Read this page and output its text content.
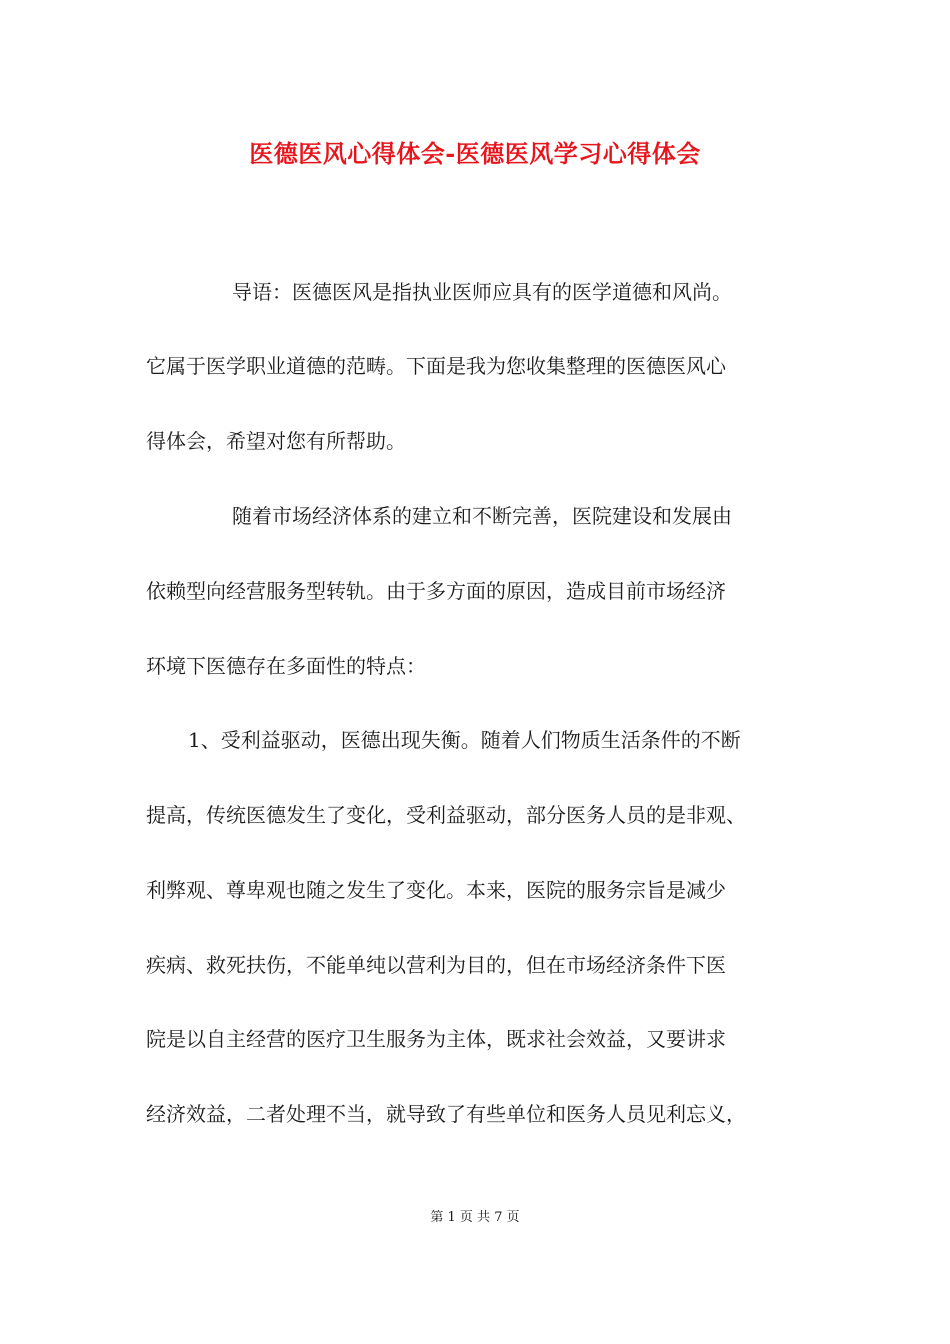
医德医风心得体会-医德医风学习心得体会
导语：医德医风是指执业医师应具有的医学道德和风尚。
它属于医学职业道德的范畴。下面是我为您收集整理的医德医风心
得体会，希望对您有所帮助。
随着市场经济体系的建立和不断完善，医院建设和发展由
依赖型向经营服务型转轨。由于多方面的原因，造成目前市场经济
环境下医德存在多面性的特点：
1、受利益驱动，医德出现失衡。随着人们物质生活条件的不断
提高，传统医德发生了变化，受利益驱动，部分医务人员的是非观、
利弊观、尊卑观也随之发生了变化。本来，医院的服务宗旨是减少
疾病、救死扶伤，不能单纯以营利为目的，但在市场经济条件下医
院是以自主经营的医疗卫生服务为主体，既求社会效益，又要讲求
经济效益，二者处理不当，就导致了有些单位和医务人员见利忘义，
第 1 页 共 7 页
